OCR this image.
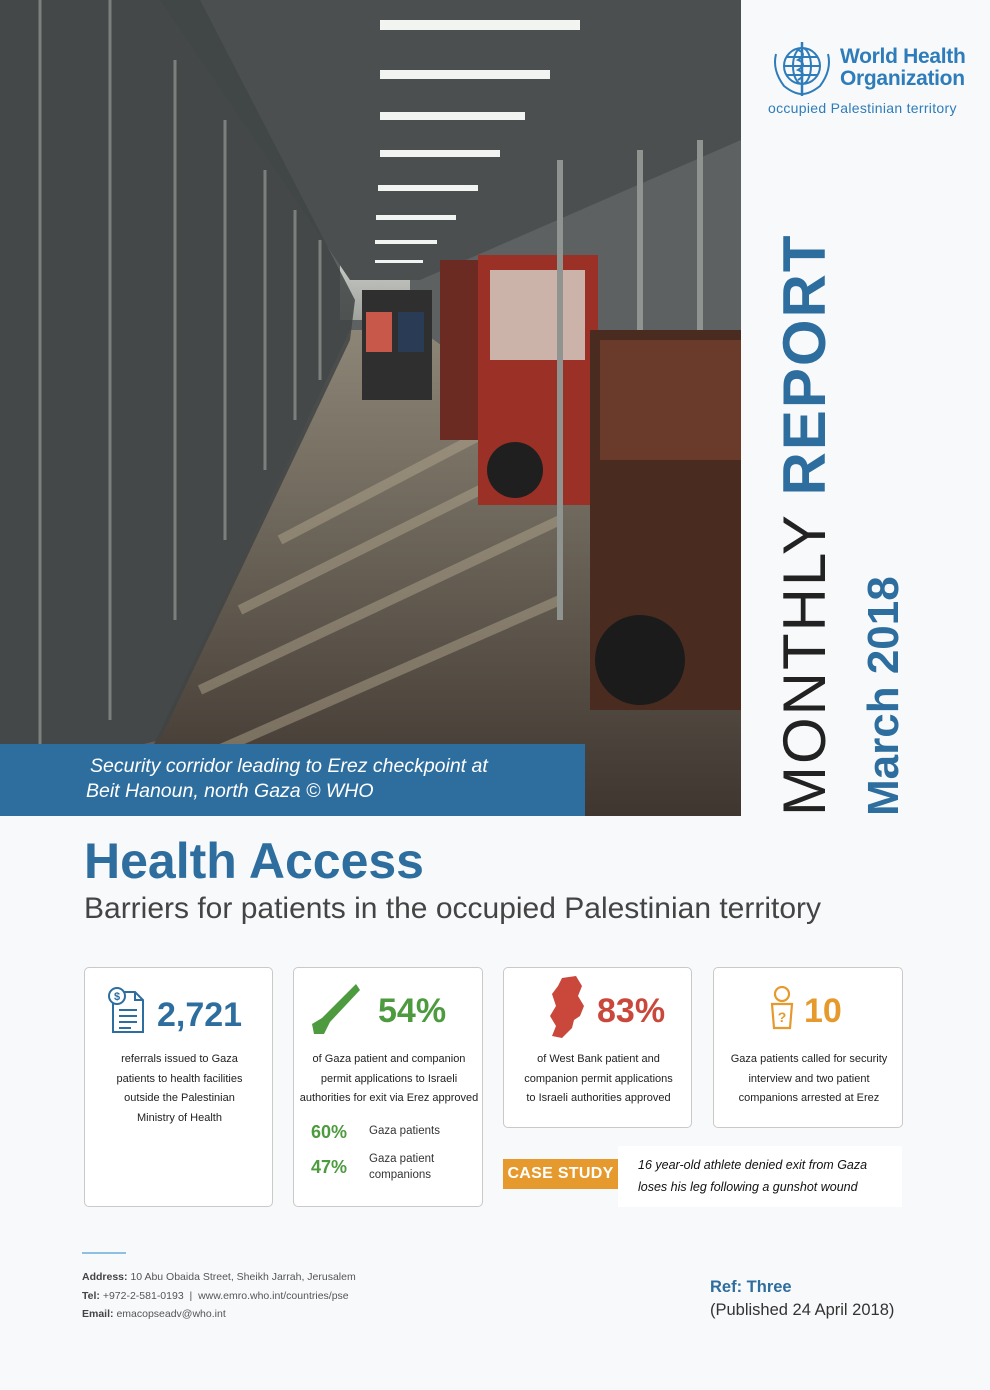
Security corridor leading to Erez checkpoint at
Beit Hanoun, north Gaza © WHO
World Health
Organization
occupied Palestinian territory
MONTHLY REPORT
March 2018
Health Access
Barriers for patients in the occupied Palestinian territory
$ 2,721
referrals issued to Gaza
patients to health facilities
outside the Palestinian
Ministry of Health
54%
of Gaza patient and companion
permit applications to Israeli
authorities for exit via Erez approved
60% Gaza patients
47% Gaza patient
companions
83%
of West Bank patient and
companion permit applications
to Israeli authorities approved
? 10
Gaza patients called for security
interview and two patient
companions arrested at Erez
CASE STUDY	16 year-old athlete denied exit from Gaza
loses his leg following a gunshot wound
Address: 10 Abu Obaida Street, Sheikh Jarrah, Jerusalem
Tel: +972-2-581-0193  |  www.emro.who.int/countries/pse
Email: emacopseadv@who.int
Ref: Three
(Published 24 April 2018)
